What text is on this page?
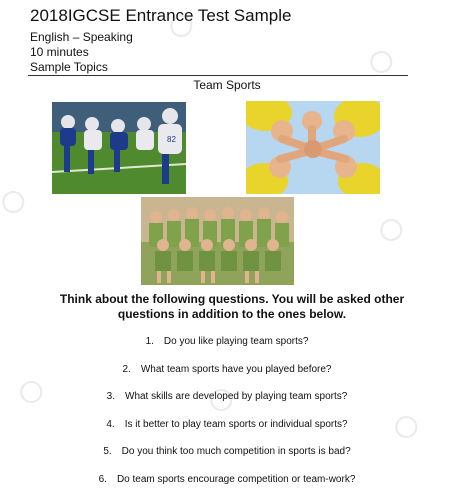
2018IGCSE Entrance Test Sample
English – Speaking
10 minutes
Sample Topics
Team Sports
82
Think about the following questions. You will be asked other questions in addition to the ones below.
1. Do you like playing team sports?
2. What team sports have you played before?
3. What skills are developed by playing team sports?
4. Is it better to play team sports or individual sports?
5. Do you think too much competition in sports is bad?
6. Do team sports encourage competition or team-work?
